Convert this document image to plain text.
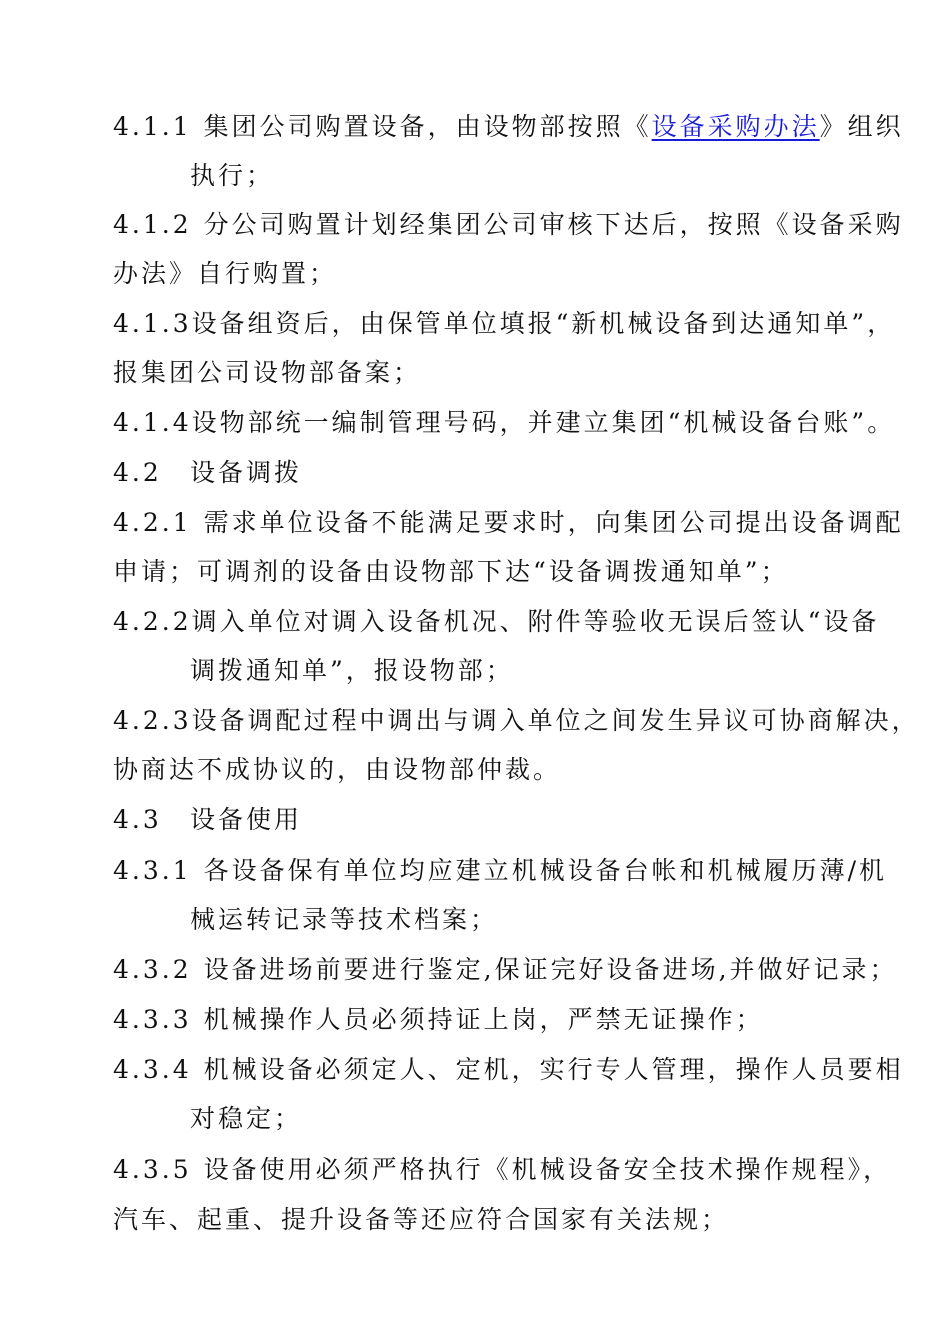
4.1.1 集团公司购置设备，由设物部按照《设备采购办法》组织
执行；
4.1.2 分公司购置计划经集团公司审核下达后，按照《设备采购
办法》自行购置；
4.1.3设备组资后，由保管单位填报“新机械设备到达通知单”，
报集团公司设物部备案；
4.1.4设物部统一编制管理号码，并建立集团“机械设备台账”。
4.2 设备调拨
4.2.1 需求单位设备不能满足要求时，向集团公司提出设备调配
申请；可调剂的设备由设物部下达“设备调拨通知单”；
4.2.2调入单位对调入设备机况、附件等验收无误后签认“设备
调拨通知单”，报设物部；
4.2.3设备调配过程中调出与调入单位之间发生异议可协商解决，
协商达不成协议的，由设物部仲裁。
4.3 设备使用
4.3.1 各设备保有单位均应建立机械设备台帐和机械履历薄/机
械运转记录等技术档案；
4.3.2 设备进场前要进行鉴定,保证完好设备进场,并做好记录；
4.3.3 机械操作人员必须持证上岗，严禁无证操作；
4.3.4 机械设备必须定人、定机，实行专人管理，操作人员要相
对稳定；
4.3.5 设备使用必须严格执行《机械设备安全技术操作规程》，
汽车、起重、提升设备等还应符合国家有关法规；
